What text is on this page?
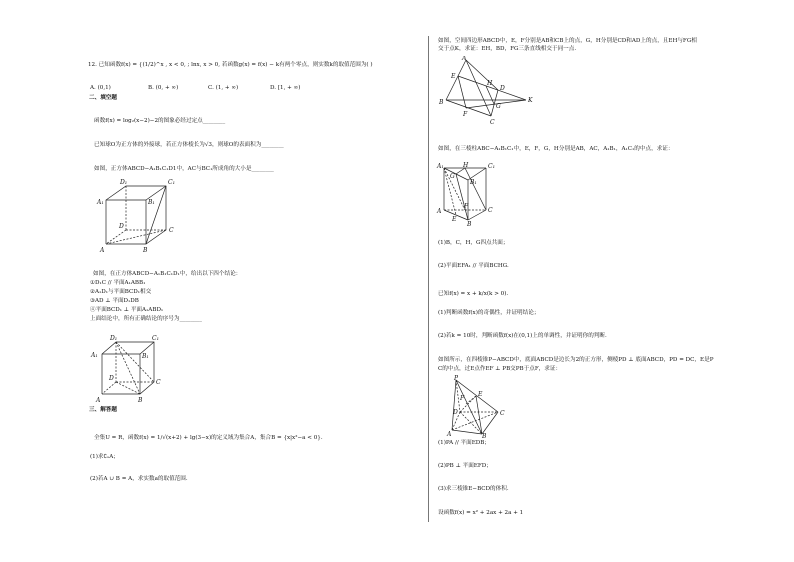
12. 已知函数f(x) = {(1/2)^x , x < 0, ; lnx, x > 0, 若函数g(x) = f(x) − k有两个零点，则实数k的取值范围为( )
A. (0,1)	B. (0, + ∞)	C. (1, + ∞)	D. [1, + ∞)
二、填空题
函数f(x) = log₂(x−2)−2的图象必经过定点________
已知球O为正方体的外接球，若正方体棱长为√3，则球O的表面积为________
如图，正方体ABCD−A₁B₁C₁D1中，AC与BC₁所成角的大小是________
D₁	C₁
A₁	B₁
D
C
A	B
如图，在正方体ABCD−A₁B₁C₁D₁中，给出以下四个结论：
①D₁C // 平面A₁ABB₁
②A₁D₁与平面BCD₁相交
③AD ⊥ 平面D₁DB
④平面BCD₁ ⊥ 平面A₁ABD₁
上面结论中，所有正确结论的序号为________
D₁	C₁
A₁	B₁
D
C
A	B
三、解答题
全集U = R，函数f(x) = 1/√(x+2) + lg(3−x)的定义域为集合A，集合B = {x|x²−a < 0}.
(1)求∁ᵤA；
(2)若A ∪ B = A，求实数a的取值范围.
如图，空间四边形ABCD中，E，F分别是AB和CB上的点，G，H分别是CD和AD上的点，且EH与FG相
交于点K，求证：EH，BD，FG三条直线相交于同一点.
A
E
D
H
K
B
F
G
C
如图，在三棱柱ABC−A₁B₁C₁中，E，F，G，H分别是AB，AC，A₁B₁，A₁C₁的中点，求证：
A₁	C₁
H
G
B₁
C
F
A
E
B
(1)B，C，H，G四点共面；
(2)平面EFA₁ // 平面BCHG.
已知f(x) = x + k/x(k > 0).
(1)判断函数f(x)的奇偶性，并证明结论；
(2)若k = 10时，判断函数f(x)在(0,1)上的单调性，并证明你的判断.
如图所示，在四棱锥P−ABCD中，底面ABCD是边长为2的正方形，侧棱PD ⊥ 底面ABCD，PD = DC，E是P
C的中点，过E点作EF ⊥ PB交PB于点F，求证：
P
F
E
D	C
A	B
(1)PA // 平面EDB；
(2)PB ⊥ 平面EFD；
(3)求三棱锥E−BCD的体积.
设函数f(x) = x² + 2ax + 2a + 1
